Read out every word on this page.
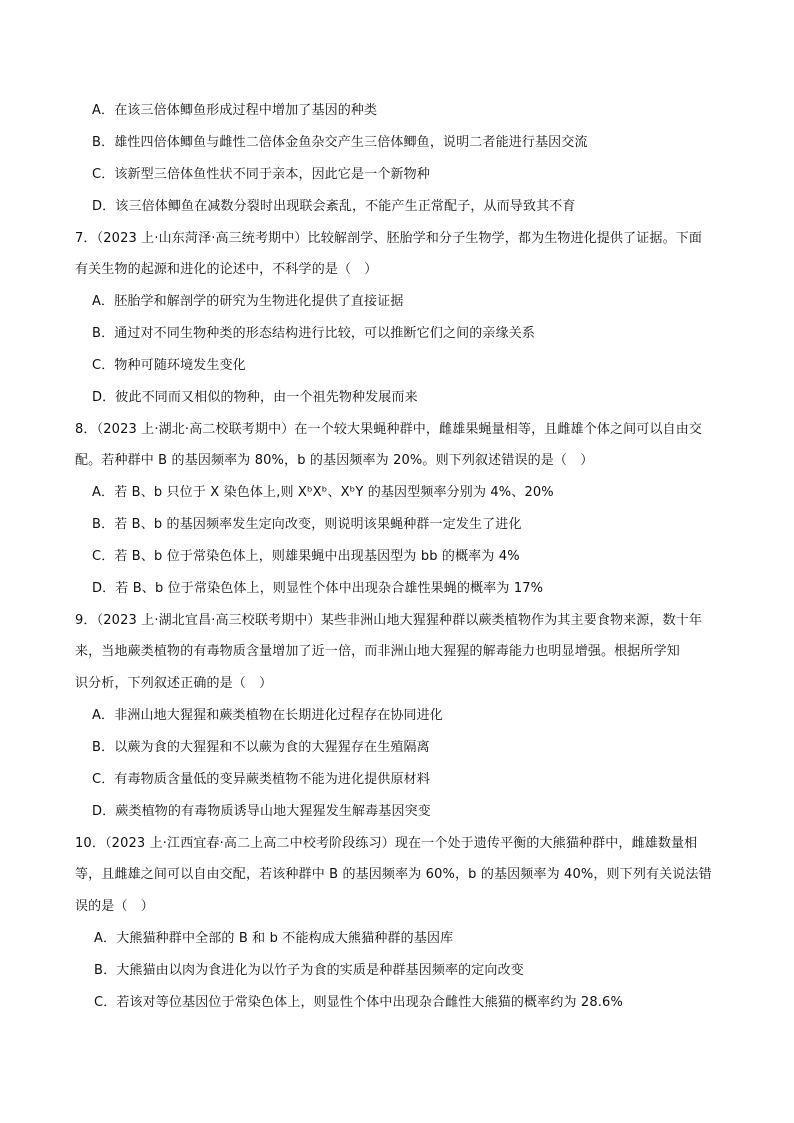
A．在该三倍体鲫鱼形成过程中增加了基因的种类
B．雄性四倍体鲫鱼与雌性二倍体金鱼杂交产生三倍体鲫鱼，说明二者能进行基因交流
C．该新型三倍体鱼性状不同于亲本，因此它是一个新物种
D．该三倍体鲫鱼在减数分裂时出现联会紊乱，不能产生正常配子，从而导致其不育
7．（2023 上·山东菏泽·高三统考期中）比较解剖学、胚胎学和分子生物学，都为生物进化提供了证据。下面
有关生物的起源和进化的论述中，不科学的是（　）
A．胚胎学和解剖学的研究为生物进化提供了直接证据
B．通过对不同生物种类的形态结构进行比较，可以推断它们之间的亲缘关系
C．物种可随环境发生变化
D．彼此不同而又相似的物种，由一个祖先物种发展而来
8．（2023 上·湖北·高二校联考期中）在一个较大果蝇种群中，雌雄果蝇量相等，且雌雄个体之间可以自由交
配。若种群中 B 的基因频率为 80%，b 的基因频率为 20%。则下列叙述错误的是（　）
A．若 B、b 只位于 X 染色体上,则 XᵇXᵇ、XᵇY 的基因型频率分别为 4%、20%
B．若 B、b 的基因频率发生定向改变，则说明该果蝇种群一定发生了进化
C．若 B、b 位于常染色体上，则雄果蝇中出现基因型为 bb 的概率为 4%
D．若 B、b 位于常染色体上，则显性个体中出现杂合雄性果蝇的概率为 17%
9．（2023 上·湖北宜昌·高三校联考期中）某些非洲山地大猩猩种群以蕨类植物作为其主要食物来源，数十年
来，当地蕨类植物的有毒物质含量增加了近一倍，而非洲山地大猩猩的解毒能力也明显增强。根据所学知
识分析，下列叙述正确的是（　）
A．非洲山地大猩猩和蕨类植物在长期进化过程存在协同进化
B．以蕨为食的大猩猩和不以蕨为食的大猩猩存在生殖隔离
C．有毒物质含量低的变异蕨类植物不能为进化提供原材料
D．蕨类植物的有毒物质诱导山地大猩猩发生解毒基因突变
10．（2023 上·江西宜春·高二上高二中校考阶段练习）现在一个处于遗传平衡的大熊猫种群中，雌雄数量相
等，且雌雄之间可以自由交配，若该种群中 B 的基因频率为 60%，b 的基因频率为 40%，则下列有关说法错
误的是（　）
A．大熊猫种群中全部的 B 和 b 不能构成大熊猫种群的基因库
B．大熊猫由以肉为食进化为以竹子为食的实质是种群基因频率的定向改变
C．若该对等位基因位于常染色体上，则显性个体中出现杂合雌性大熊猫的概率约为 28.6%
